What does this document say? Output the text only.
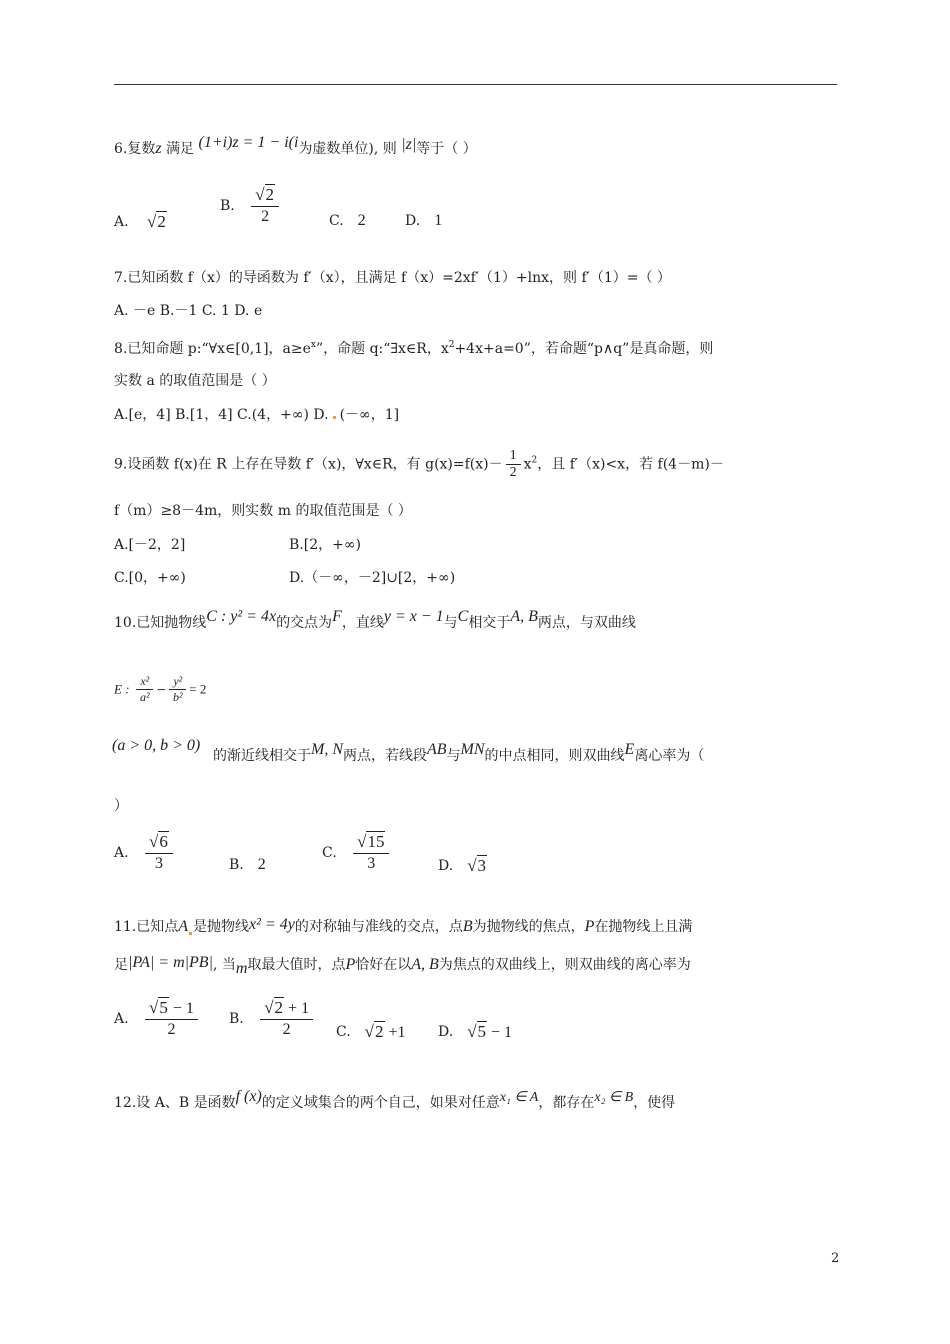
6.复数z 满足 (1+i)z = 1 − i(i为虚数单位), 则 |z|等于（ ）
A. √2
B. $\frac{√2}{2}$	C. 2	D. 1
7.已知函数 f（x）的导函数为 f′（x），且满足 f（x）=2xf′（1）+lnx，则 f′（1）=（ ）
A. －e B.－1 C. 1 D. e
8.已知命题 p:“∀x∈[0,1]，$a\ge e^x$”，命题 q:“∃x∈R，$x^2+4x+a=0$”，若命题“p∧q”是真命题，则
实数 a 的取值范围是（ ）
A.[e，4] B.[1，4] C.(4，+∞) D. (－∞，1]
9.设函数 f(x)在 R 上存在导数 f′（x)，∀x∈R，有 $g(x)=f(x)- \frac{1}{2} x^2$，且 f′（x)<x，若 f(4－m)－
f（m）≥8－4m，则实数 m 的取值范围是（ ）
A.[－2，2]	B.[2，+∞)
C.[0，+∞)	D.（－∞，－2]∪[2，+∞)
10.已知抛物线C : y² = 4x的交点为F，直线y = x − 1与C相交于A, B两点，与双曲线
E : $\frac{\text{x²}}{\text{a²}} - \frac{\text{y²}}{\text{b²}} = 2$
(a > 0, b > 0)
的渐近线相交于M, N两点，若线段AB与MN的中点相同，则双曲线E离心率为（
）
A. $\frac{√6}{3}$	B. 2
C. $\frac{√15}{3}$	D. √3
11.已知点A 是抛物线x² = 4y的对称轴与准线的交点，点B为抛物线的焦点，P在抛物线上且满
足|PA| = m|PB|, 当m取最大值时，点P恰好在以A, B为焦点的双曲线上，则双曲线的离心率为
A. $\frac{√5 - 1}{2} B$. $\frac{√2 + 1}{2} C$. √2 +1 D. √5 − 1
12.设 A、B 是函数f (x)的定义域集合的两个自己，如果对任意x₁ ∈ A，都存在x₂ ∈ B，使得
2
